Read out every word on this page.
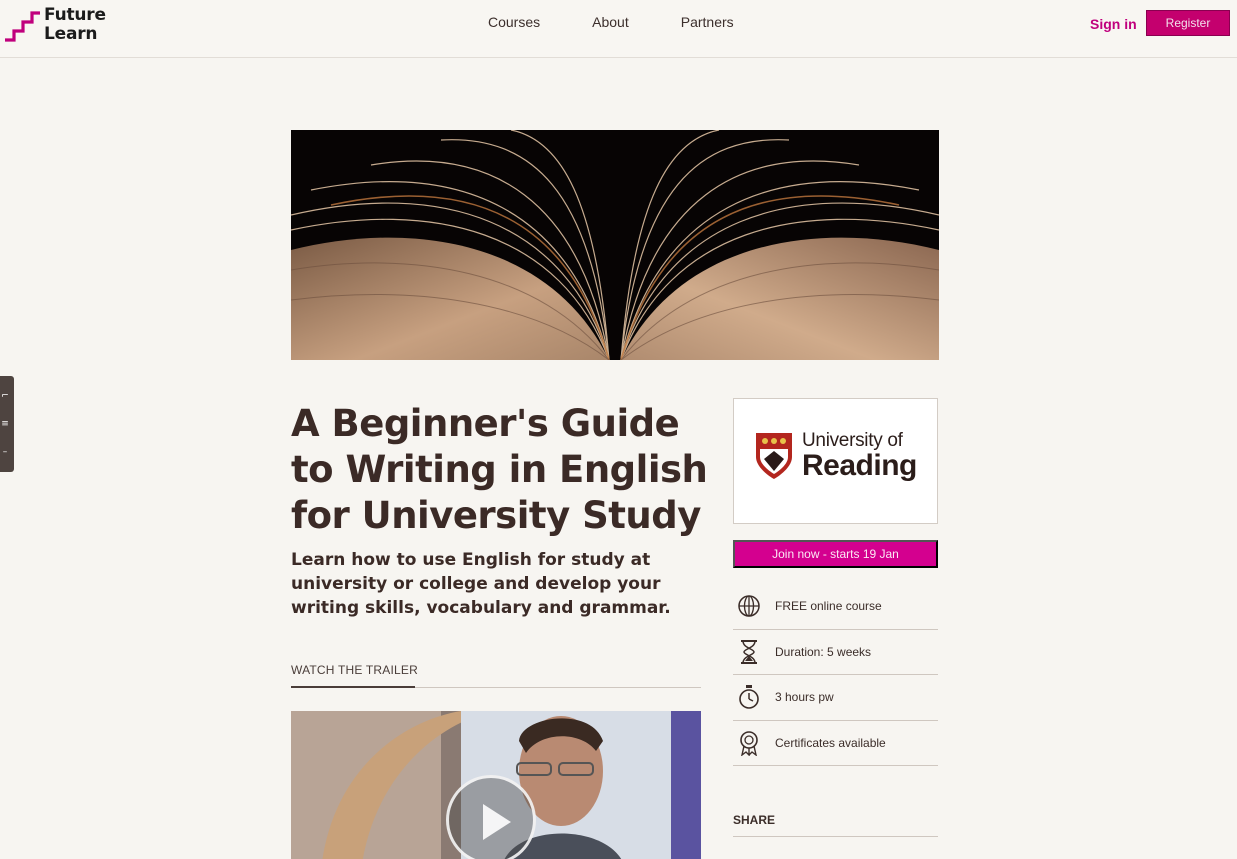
Future
Learn
Courses	About	Partners	Sign in	Register
⌐
≡
–
A Beginner's Guide to Writing in English for University Study

Learn how to use English for study at university or college and develop your writing skills, vocabulary and grammar.

WATCH THE TRAILER
University of
Reading
Join now - starts 19 Jan
FREE online course
Duration: 5 weeks
3 hours pw
Certificates available
SHARE
